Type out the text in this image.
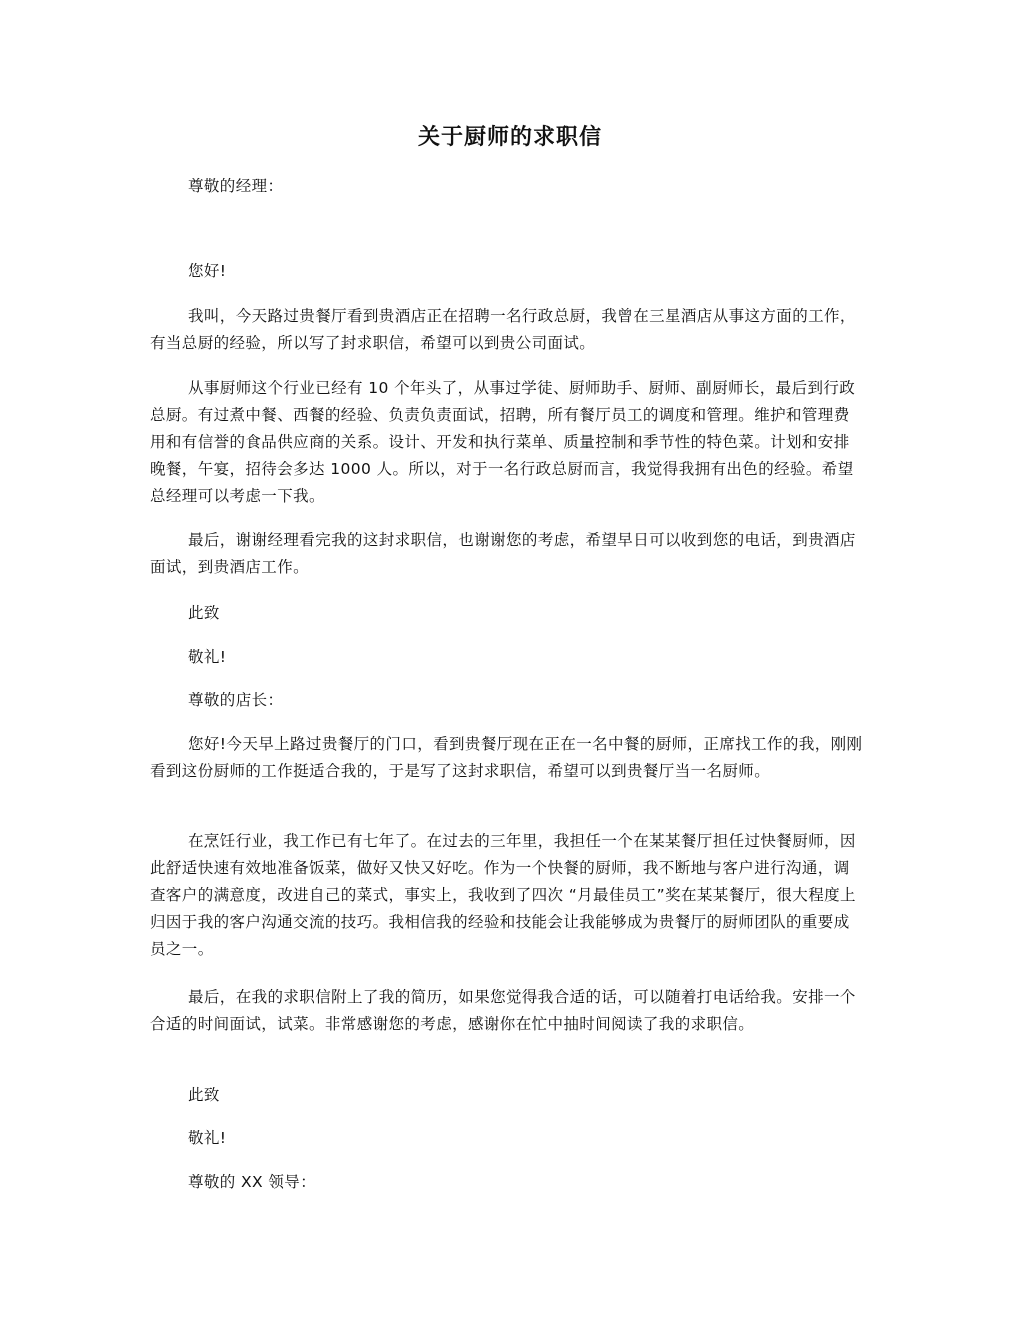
关于厨师的求职信

尊敬的经理：

您好!

我叫，今天路过贵餐厅看到贵酒店正在招聘一名行政总厨，我曾在三星酒店从事这方面的工作，有当总厨的经验，所以写了封求职信，希望可以到贵公司面试。

从事厨师这个行业已经有 10 个年头了，从事过学徒、厨师助手、厨师、副厨师长，最后到行政总厨。有过煮中餐、西餐的经验、负责负责面试，招聘，所有餐厅员工的调度和管理。维护和管理费用和有信誉的食品供应商的关系。设计、开发和执行菜单、质量控制和季节性的特色菜。计划和安排晚餐，午宴，招待会多达 1000 人。所以，对于一名行政总厨而言，我觉得我拥有出色的经验。希望总经理可以考虑一下我。

最后，谢谢经理看完我的这封求职信，也谢谢您的考虑，希望早日可以收到您的电话，到贵酒店面试，到贵酒店工作。

此致

敬礼!

尊敬的店长：

您好!今天早上路过贵餐厅的门口，看到贵餐厅现在正在一名中餐的厨师，正席找工作的我，刚刚看到这份厨师的工作挺适合我的，于是写了这封求职信，希望可以到贵餐厅当一名厨师。

在烹饪行业，我工作已有七年了。在过去的三年里，我担任一个在某某餐厅担任过快餐厨师，因此舒适快速有效地准备饭菜，做好又快又好吃。作为一个快餐的厨师，我不断地与客户进行沟通，调查客户的满意度，改进自己的菜式，事实上，我收到了四次 “月最佳员工”奖在某某餐厅，很大程度上归因于我的客户沟通交流的技巧。我相信我的经验和技能会让我能够成为贵餐厅的厨师团队的重要成员之一。

最后，在我的求职信附上了我的简历，如果您觉得我合适的话，可以随着打电话给我。安排一个合适的时间面试，试菜。非常感谢您的考虑，感谢你在忙中抽时间阅读了我的求职信。

此致

敬礼!

尊敬的 XX 领导：
